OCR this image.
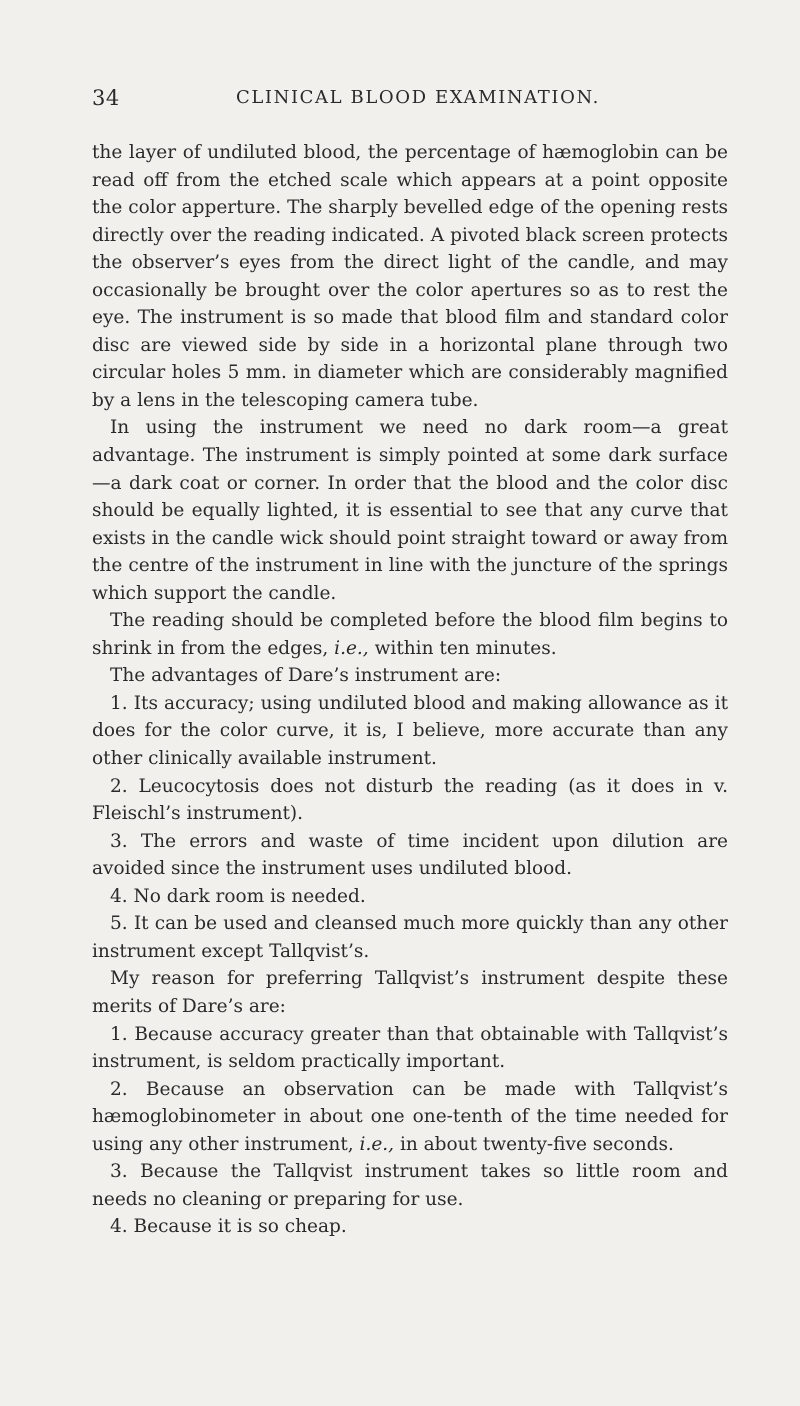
34	CLINICAL BLOOD EXAMINATION.

the layer of undiluted blood, the percentage of hæmoglobin can be read off from the etched scale which appears at a point opposite the color apperture. The sharply bevelled edge of the opening rests directly over the reading indicated. A pivoted black screen protects the observer’s eyes from the direct light of the candle, and may occasionally be brought over the color apertures so as to rest the eye. The instrument is so made that blood film and standard color disc are viewed side by side in a horizontal plane through two circular holes 5 mm. in diameter which are considerably magnified by a lens in the telescoping camera tube.

In using the instrument we need no dark room—a great advantage. The instrument is simply pointed at some dark surface—a dark coat or corner. In order that the blood and the color disc should be equally lighted, it is essential to see that any curve that exists in the candle wick should point straight toward or away from the centre of the instrument in line with the juncture of the springs which support the candle.

The reading should be completed before the blood film begins to shrink in from the edges, i.e., within ten minutes.

The advantages of Dare’s instrument are:

1. Its accuracy; using undiluted blood and making allowance as it does for the color curve, it is, I believe, more accurate than any other clinically available instrument.

2. Leucocytosis does not disturb the reading (as it does in v. Fleischl’s instrument).

3. The errors and waste of time incident upon dilution are avoided since the instrument uses undiluted blood.

4. No dark room is needed.

5. It can be used and cleansed much more quickly than any other instrument except Tallqvist’s.

My reason for preferring Tallqvist’s instrument despite these merits of Dare’s are:

1. Because accuracy greater than that obtainable with Tallqvist’s instrument, is seldom practically important.

2. Because an observation can be made with Tallqvist’s hæmoglobinometer in about one one-tenth of the time needed for using any other instrument, i.e., in about twenty-five seconds.

3. Because the Tallqvist instrument takes so little room and needs no cleaning or preparing for use.

4. Because it is so cheap.
